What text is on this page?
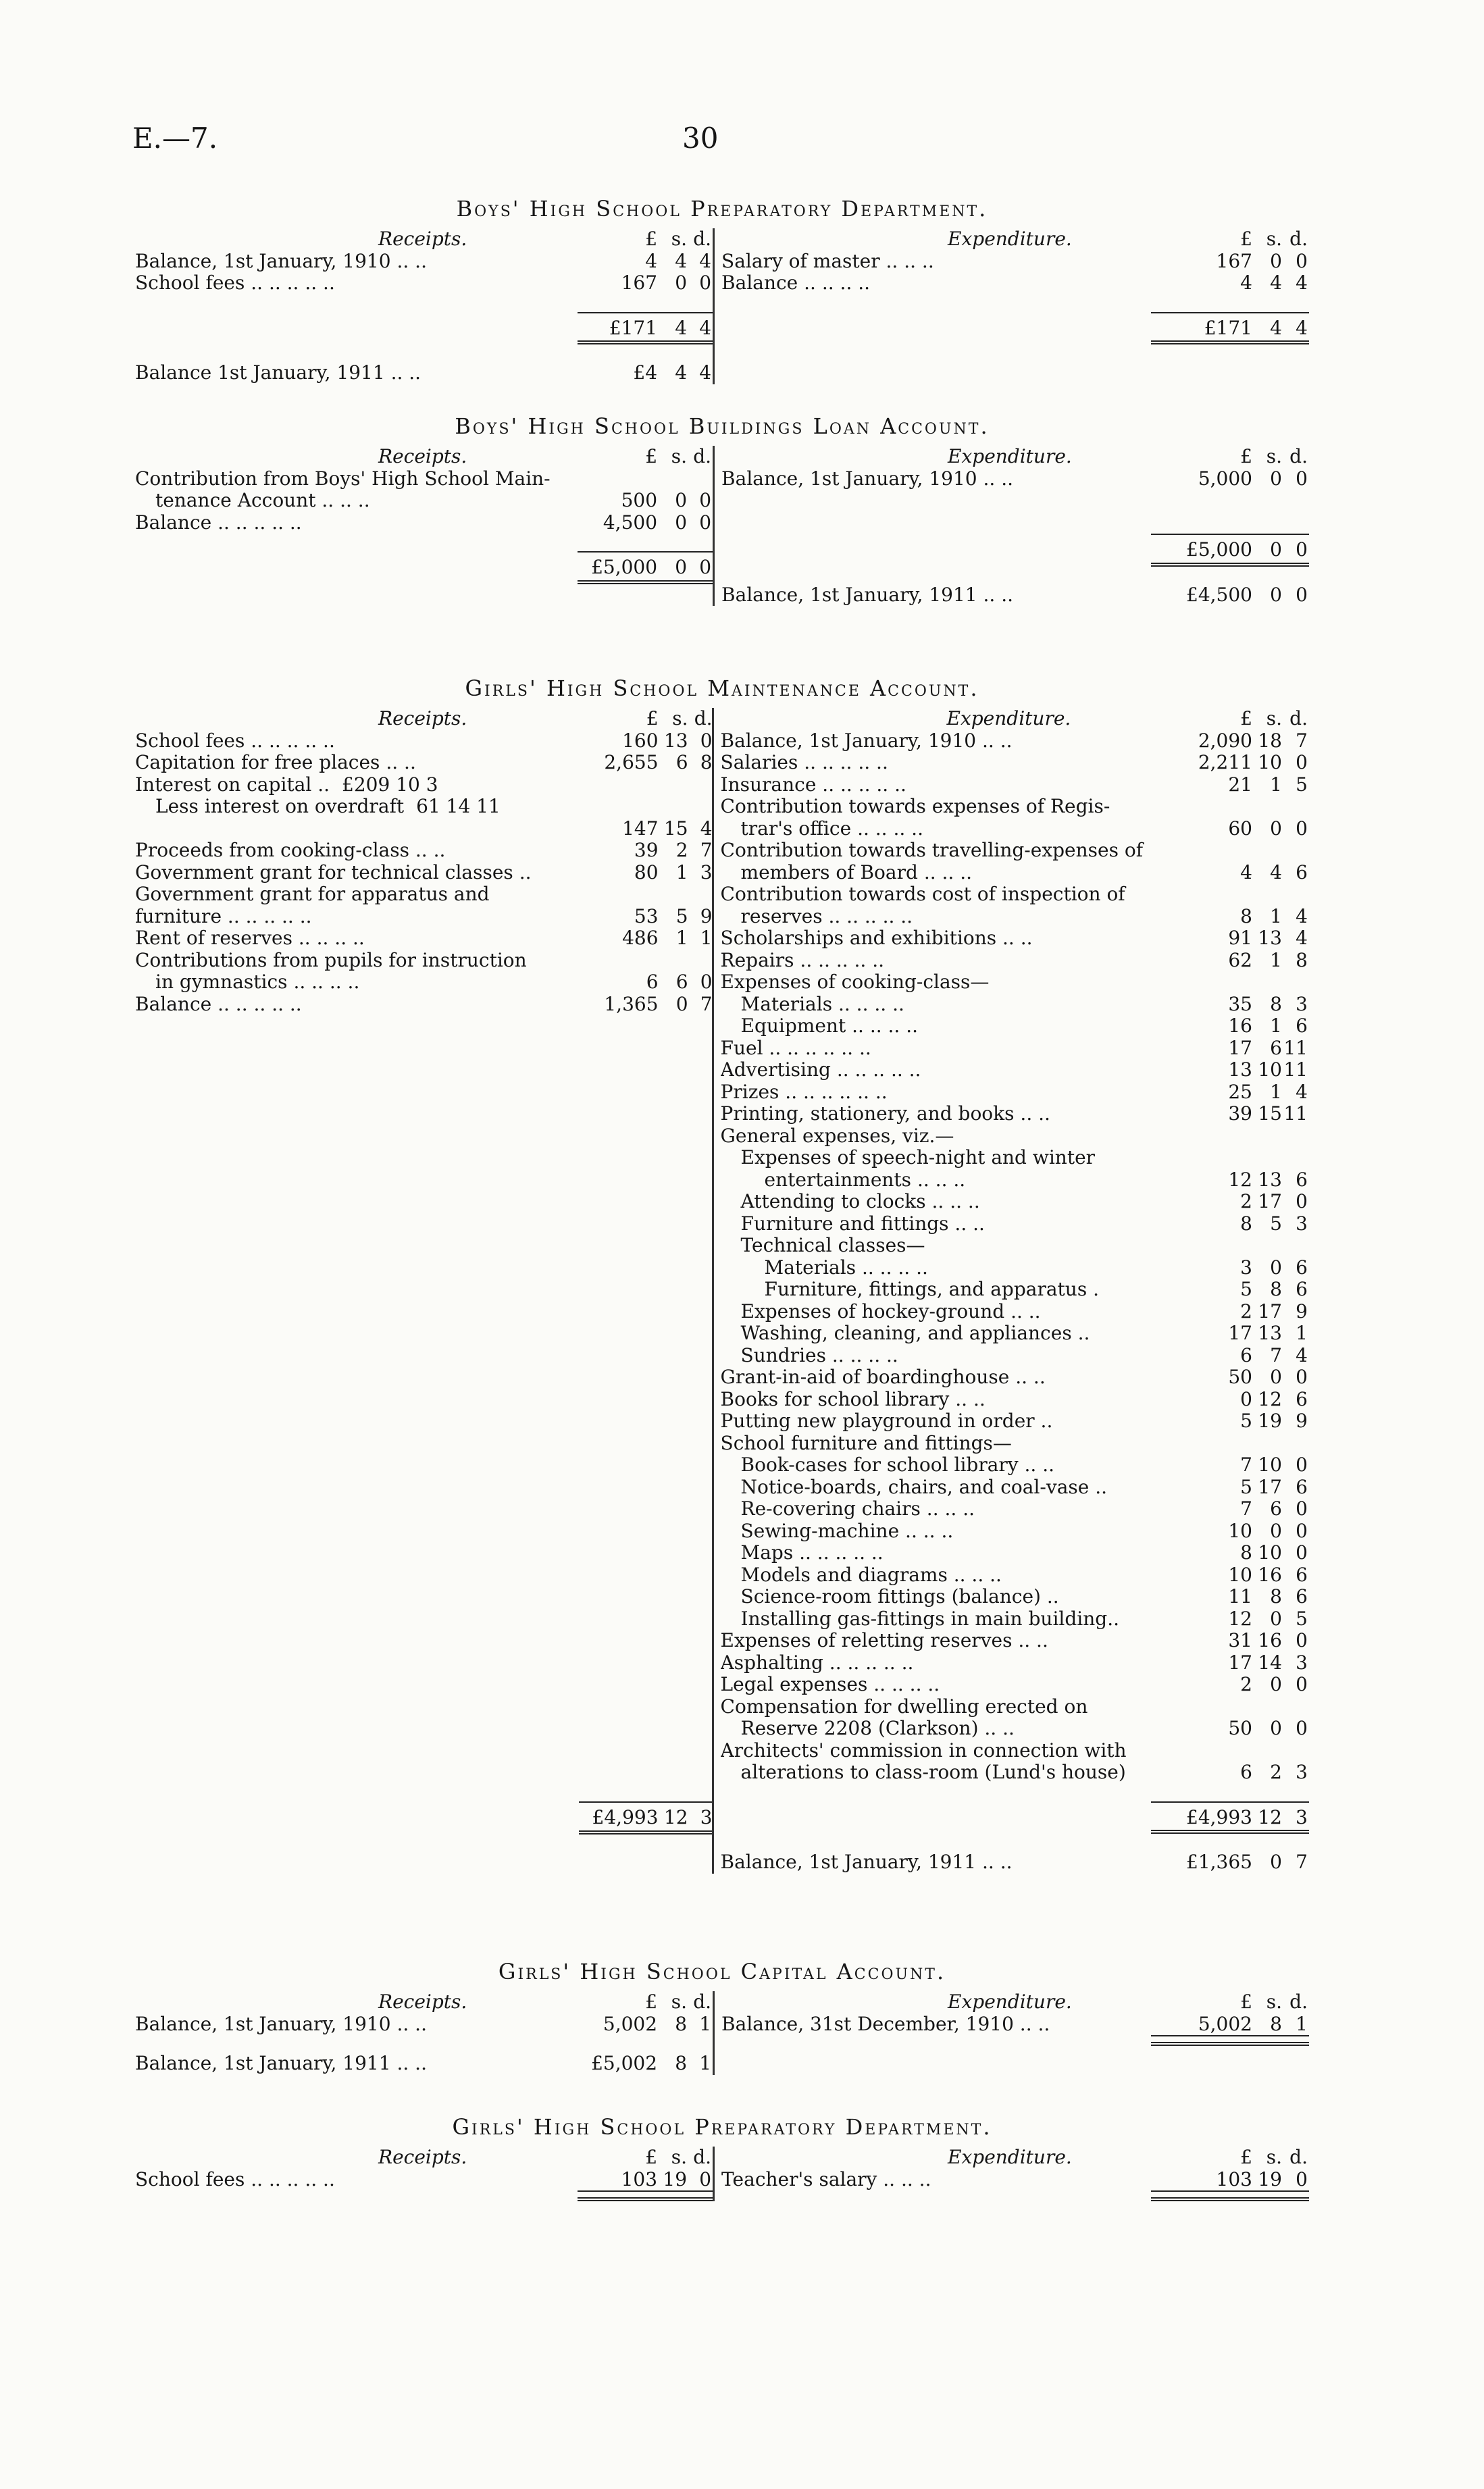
E.—7.	30
Boys' High School Preparatory Department.
Receipts.	£ s. d.
Balance, 1st January, 1910 .. ..	4 4 4
School fees .. .. .. .. ..	167 0 0
£171 4 4
Balance 1st January, 1911 .. ..	£4 4 4
Expenditure.	£ s. d.
Salary of master .. .. ..	167 0 0
Balance .. .. .. ..	4 4 4
£171 4 4
Boys' High School Buildings Loan Account.
Receipts.	£ s. d.
Contribution from Boys' High School Main-
tenance Account .. .. ..	500 0 0
Balance .. .. .. .. ..	4,500 0 0
£5,000 0 0
Expenditure.	£ s. d.
Balance, 1st January, 1910 .. ..	5,000 0 0
£5,000 0 0
Balance, 1st January, 1911 .. ..	£4,500 0 0
Girls' High School Maintenance Account.
Receipts.	£ s. d.
School fees .. .. .. .. ..	160 13 0
Capitation for free places .. ..	2,655 6 8
Interest on capital .. £209 10 3
Less interest on overdraft 61 14 11
147 15 4
Proceeds from cooking-class .. ..	39 2 7
Government grant for technical classes ..	80 1 3
Government grant for apparatus and
furniture .. .. .. .. ..	53 5 9
Rent of reserves .. .. .. ..	486 1 1
Contributions from pupils for instruction
in gymnastics .. .. .. ..	6 6 0
Balance .. .. .. .. ..	1,365 0 7
£4,993 12 3
Expenditure.	£ s. d.
Balance, 1st January, 1910 .. ..	2,090 18 7
Salaries .. .. .. .. ..	2,211 10 0
Insurance .. .. .. .. ..	21 1 5
Contribution towards expenses of Regis-
trar's office .. .. .. ..	60 0 0
Contribution towards travelling-expenses of
members of Board .. .. ..	4 4 6
Contribution towards cost of inspection of
reserves .. .. .. .. ..	8 1 4
Scholarships and exhibitions .. ..	91 13 4
Repairs .. .. .. .. ..	62 1 8
Expenses of cooking-class—
Materials .. .. .. ..	35 8 3
Equipment .. .. .. ..	16 1 6
Fuel .. .. .. .. .. ..	17 6 11
Advertising .. .. .. .. ..	13 10 11
Prizes .. .. .. .. .. ..	25 1 4
Printing, stationery, and books .. ..	39 15 11
General expenses, viz.—
Expenses of speech-night and winter
entertainments .. .. ..	12 13 6
Attending to clocks .. .. ..	2 17 0
Furniture and fittings .. ..	8 5 3
Technical classes—
Materials .. .. .. ..	3 0 6
Furniture, fittings, and apparatus .	5 8 6
Expenses of hockey-ground .. ..	2 17 9
Washing, cleaning, and appliances ..	17 13 1
Sundries .. .. .. ..	6 7 4
Grant-in-aid of boardinghouse .. ..	50 0 0
Books for school library .. ..	0 12 6
Putting new playground in order ..	5 19 9
School furniture and fittings—
Book-cases for school library .. ..	7 10 0
Notice-boards, chairs, and coal-vase ..	5 17 6
Re-covering chairs .. .. ..	7 6 0
Sewing-machine .. .. ..	10 0 0
Maps .. .. .. .. ..	8 10 0
Models and diagrams .. .. ..	10 16 6
Science-room fittings (balance) ..	11 8 6
Installing gas-fittings in main building..	12 0 5
Expenses of reletting reserves .. ..	31 16 0
Asphalting .. .. .. .. ..	17 14 3
Legal expenses .. .. .. ..	2 0 0
Compensation for dwelling erected on
Reserve 2208 (Clarkson) .. ..	50 0 0
Architects' commission in connection with
alterations to class-room (Lund's house)	6 2 3
£4,993 12 3
Balance, 1st January, 1911 .. ..	£1,365 0 7
Girls' High School Capital Account.
Receipts.	£ s. d.
Balance, 1st January, 1910 .. ..	5,002 8 1
Balance, 1st January, 1911 .. ..	£5,002 8 1
Expenditure.	£ s. d.
Balance, 31st December, 1910 .. ..	5,002 8 1
Girls' High School Preparatory Department.
Receipts.	£ s. d.
School fees .. .. .. .. ..	103 19 0
Expenditure.	£ s. d.
Teacher's salary .. .. ..	103 19 0
